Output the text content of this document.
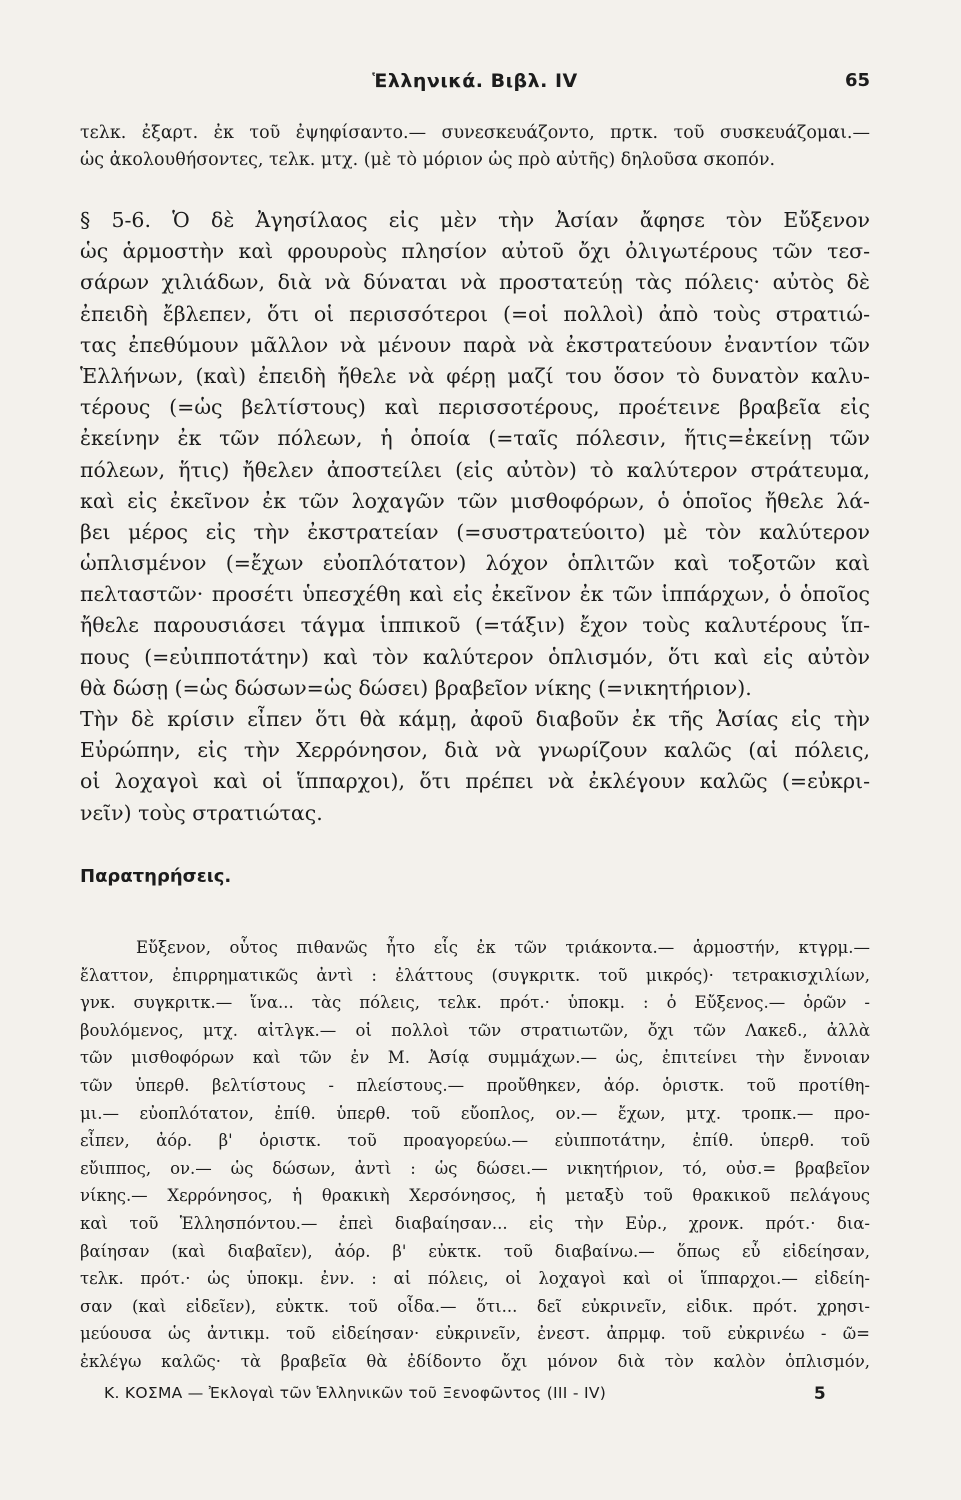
Ἑλληνικά. Βιβλ. IV	65
τελκ. ἐξαρτ. ἐκ τοῦ ἐψηφίσαντο.— συνεσκευάζοντο, πρτκ. τοῦ συσκευάζομαι.—
ὡς ἀκολουθήσοντες, τελκ. μτχ. (μὲ τὸ μόριον ὡς πρὸ αὐτῆς) δηλοῦσα σκοπόν.
§ 5-6. Ὁ δὲ Ἀγησίλαος εἰς μὲν τὴν Ἀσίαν ἄφησε τὸν Εὔξενον
ὡς ἁρμοστὴν καὶ φρουροὺς πλησίον αὐτοῦ ὄχι ὀλιγωτέρους τῶν τεσ-
σάρων χιλιάδων, διὰ νὰ δύναται νὰ προστατεύῃ τὰς πόλεις· αὐτὸς δὲ
ἐπειδὴ ἔβλεπεν, ὅτι οἱ περισσότεροι (=οἱ πολλοὶ) ἀπὸ τοὺς στρατιώ-
τας ἐπεθύμουν μᾶλλον νὰ μένουν παρὰ νὰ ἐκστρατεύουν ἐναντίον τῶν
Ἑλλήνων, (καὶ) ἐπειδὴ ἤθελε νὰ φέρῃ μαζί του ὅσον τὸ δυνατὸν καλυ-
τέρους (=ὡς βελτίστους) καὶ περισσοτέρους, προέτεινε βραβεῖα εἰς
ἐκείνην ἐκ τῶν πόλεων, ἡ ὁποία (=ταῖς πόλεσιν, ἥτις=ἐκείνῃ τῶν
πόλεων, ἥτις) ἤθελεν ἀποστείλει (εἰς αὐτὸν) τὸ καλύτερον στράτευμα,
καὶ εἰς ἐκεῖνον ἐκ τῶν λοχαγῶν τῶν μισθοφόρων, ὁ ὁποῖος ἤθελε λά-
βει μέρος εἰς τὴν ἐκστρατείαν (=συστρατεύοιτο) μὲ τὸν καλύτερον
ὡπλισμένον (=ἔχων εὐοπλότατον) λόχον ὁπλιτῶν καὶ τοξοτῶν καὶ
πελταστῶν· προσέτι ὑπεσχέθη καὶ εἰς ἐκεῖνον ἐκ τῶν ἱππάρχων, ὁ ὁποῖος
ἤθελε παρουσιάσει τάγμα ἱππικοῦ (=τάξιν) ἔχον τοὺς καλυτέρους ἵπ-
πους (=εὐιπποτάτην) καὶ τὸν καλύτερον ὁπλισμόν, ὅτι καὶ εἰς αὐτὸν
θὰ δώσῃ (=ὡς δώσων=ὡς δώσει) βραβεῖον νίκης (=νικητήριον).
Τὴν δὲ κρίσιν εἶπεν ὅτι θὰ κάμῃ, ἀφοῦ διαβοῦν ἐκ τῆς Ἀσίας εἰς τὴν
Εὐρώπην, εἰς τὴν Χερρόνησον, διὰ νὰ γνωρίζουν καλῶς (αἱ πόλεις,
οἱ λοχαγοὶ καὶ οἱ ἵππαρχοι), ὅτι πρέπει νὰ ἐκλέγουν καλῶς (=εὐκρι-
νεῖν) τοὺς στρατιώτας.
Παρατηρήσεις.
Εὔξενον, οὗτος πιθανῶς ἦτο εἷς ἐκ τῶν τριάκοντα.— ἁρμοστήν, κτγρμ.—
ἔλαττον, ἐπιρρηματικῶς ἀντὶ : ἐλάττους (συγκριτκ. τοῦ μικρός)· τετρακισχιλίων,
γνκ. συγκριτκ.— ἵνα... τὰς πόλεις, τελκ. πρότ.· ὑποκμ. : ὁ Εὔξενος.— ὁρῶν -
βουλόμενος, μτχ. αἰτλγκ.— οἱ πολλοὶ τῶν στρατιωτῶν, ὄχι τῶν Λακεδ., ἀλλὰ
τῶν μισθοφόρων καὶ τῶν ἐν Μ. Ἀσίᾳ συμμάχων.— ὡς, ἐπιτείνει τὴν ἔννοιαν
τῶν ὑπερθ. βελτίστους - πλείστους.— προὔθηκεν, ἀόρ. ὁριστκ. τοῦ προτίθη-
μι.— εὐοπλότατον, ἐπίθ. ὑπερθ. τοῦ εὔοπλος, ον.— ἔχων, μτχ. τροπκ.— προ-
εἶπεν, ἀόρ. β' ὁριστκ. τοῦ προαγορεύω.— εὐιπποτάτην, ἐπίθ. ὑπερθ. τοῦ
εὔιππος, ον.— ὡς δώσων, ἀντὶ : ὡς δώσει.— νικητήριον, τό, οὐσ.= βραβεῖον
νίκης.— Χερρόνησος, ἡ θρακικὴ Χερσόνησος, ἡ μεταξὺ τοῦ θρακικοῦ πελάγους
καὶ τοῦ Ἑλλησπόντου.— ἐπεὶ διαβαίησαν... εἰς τὴν Εὐρ., χρονκ. πρότ.· δια-
βαίησαν (καὶ διαβαῖεν), ἀόρ. β' εὐκτκ. τοῦ διαβαίνω.— ὅπως εὖ εἰδείησαν,
τελκ. πρότ.· ὡς ὑποκμ. ἐνν. : αἱ πόλεις, οἱ λοχαγοὶ καὶ οἱ ἵππαρχοι.— εἰδείη-
σαν (καὶ εἰδεῖεν), εὐκτκ. τοῦ οἶδα.— ὅτι... δεῖ εὐκρινεῖν, εἰδικ. πρότ. χρησι-
μεύουσα ὡς ἀντικμ. τοῦ εἰδείησαν· εὐκρινεῖν, ἐνεστ. ἀπρμφ. τοῦ εὐκρινέω - ῶ=
ἐκλέγω καλῶς· τὰ βραβεῖα θὰ ἐδίδοντο ὄχι μόνον διὰ τὸν καλὸν ὁπλισμόν,
Κ. ΚΟΣΜΑ — Ἐκλογαὶ τῶν Ἑλληνικῶν τοῦ Ξενοφῶντος (ΙΙΙ - IV)	5
